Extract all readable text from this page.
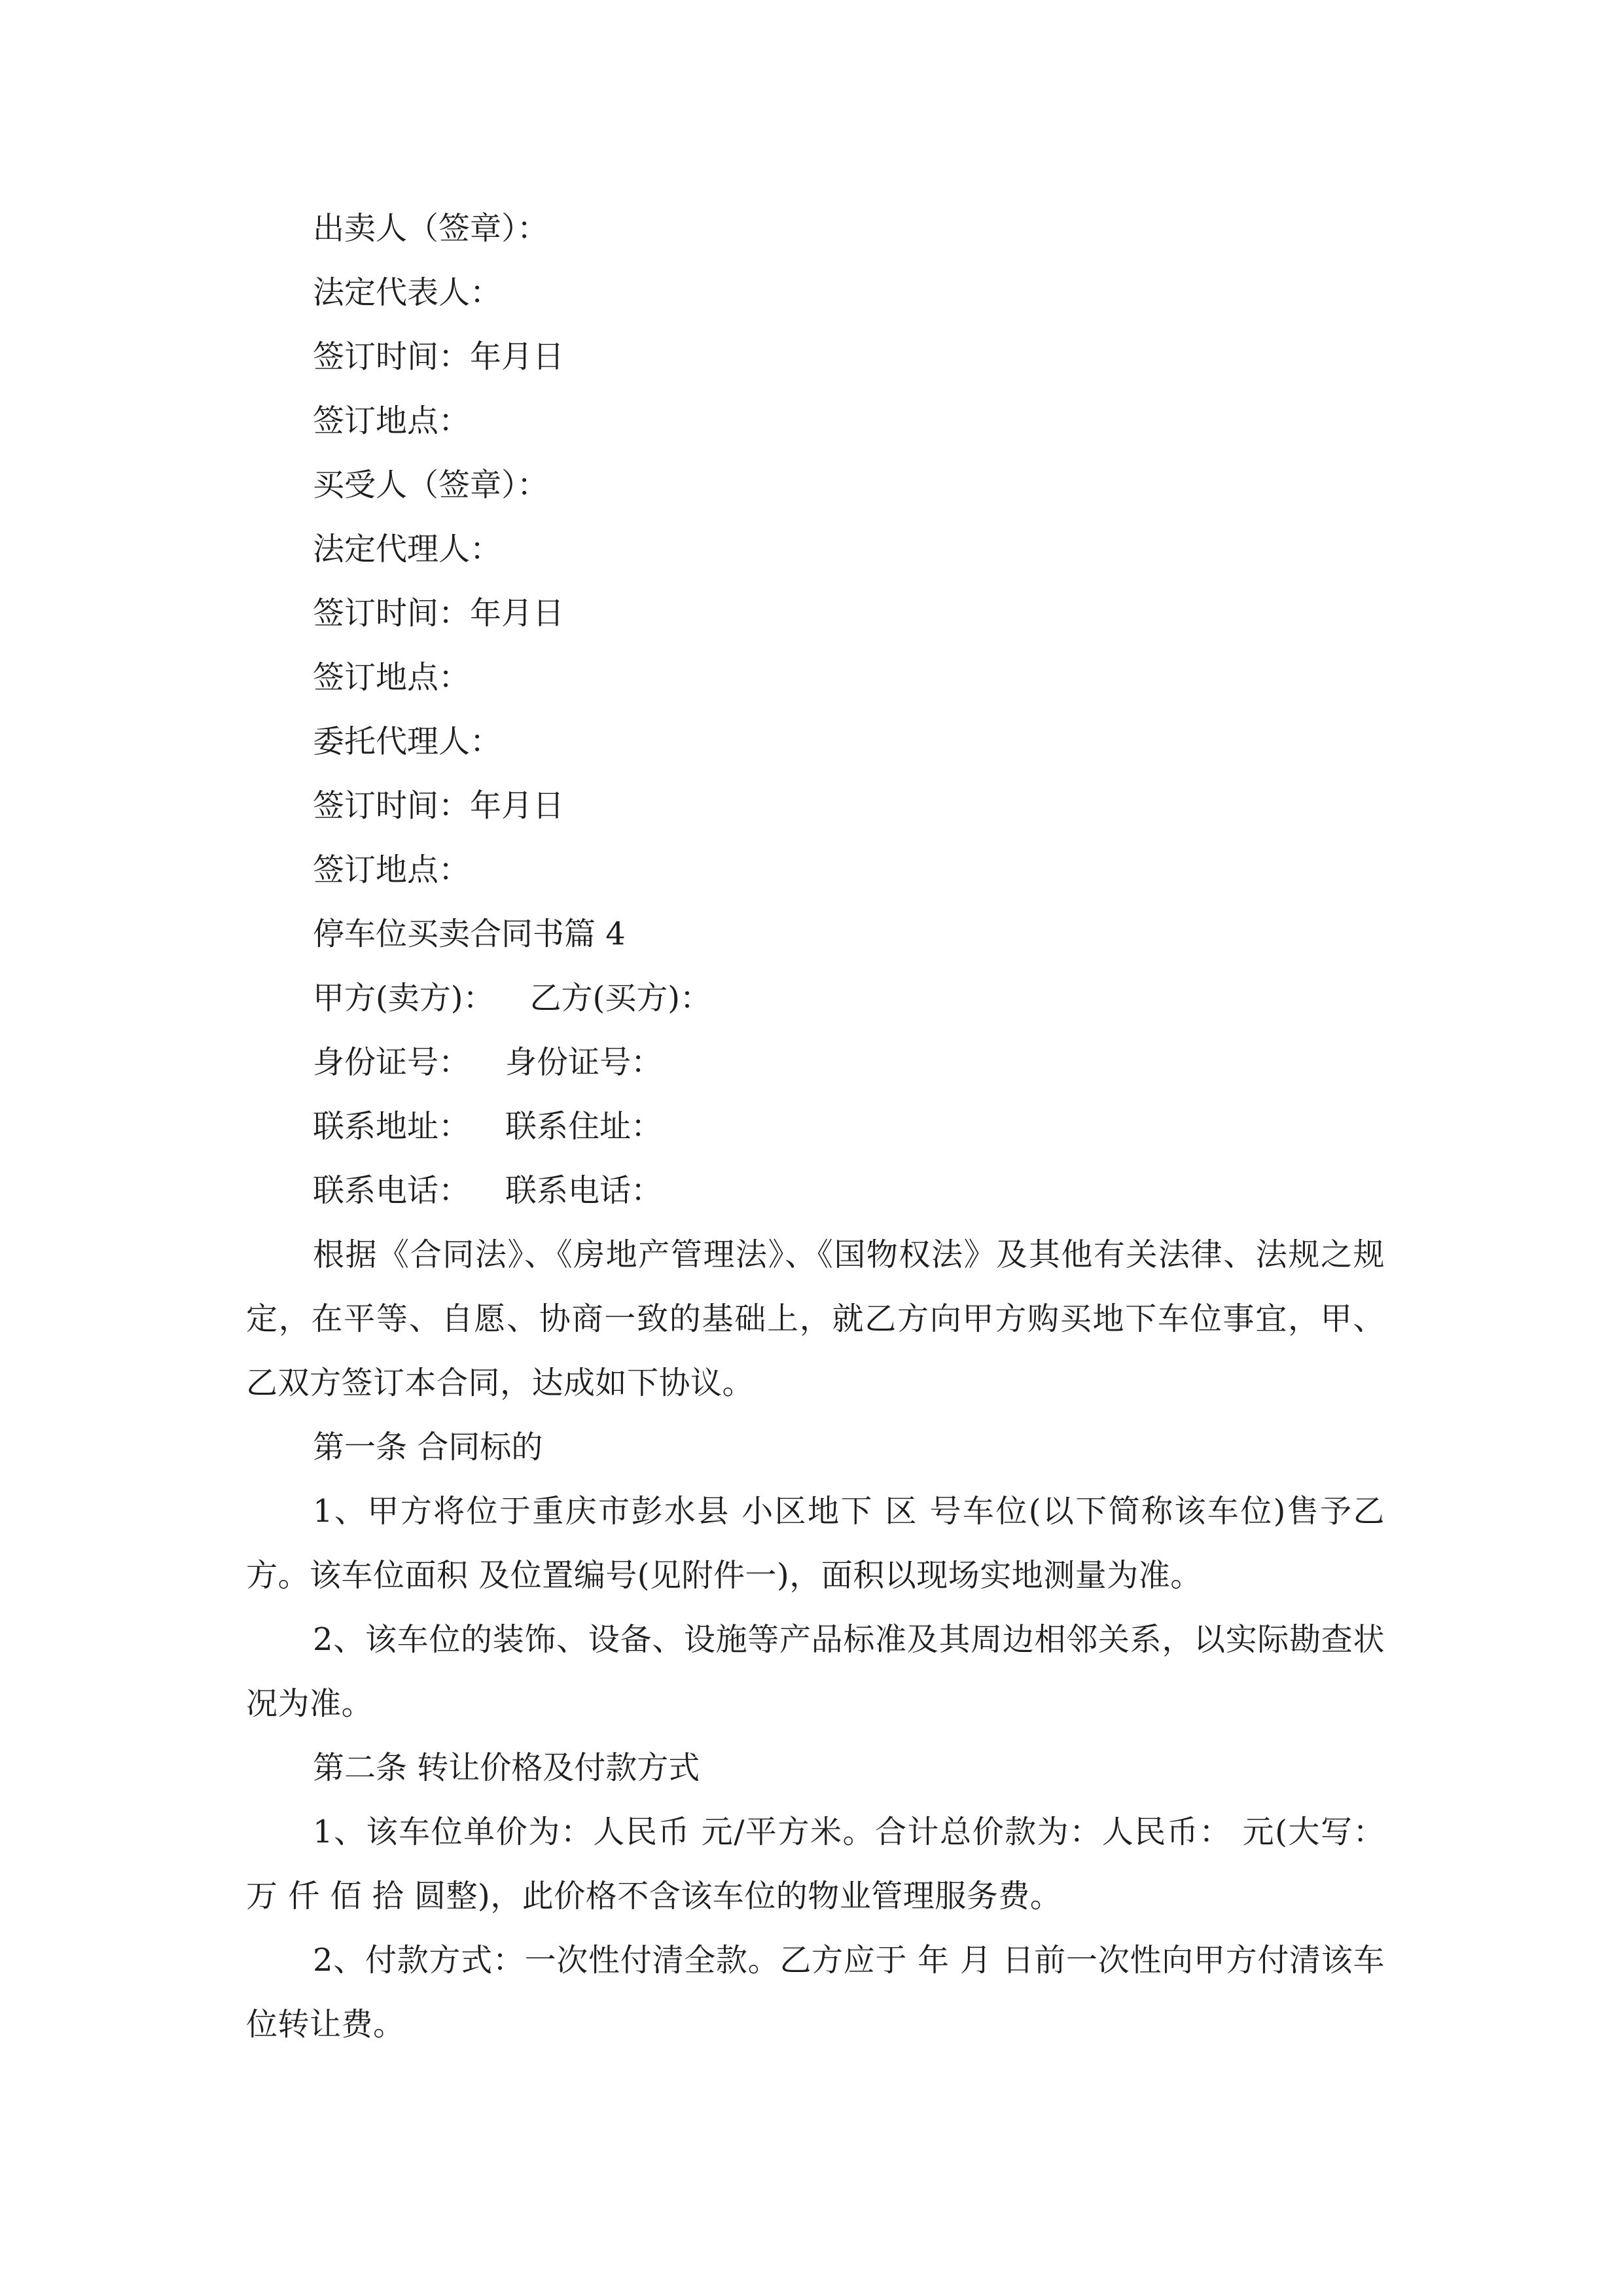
出卖人（签章）：
法定代表人：
签订时间：年月日
签订地点：
买受人（签章）：
法定代理人：
签订时间：年月日
签订地点：
委托代理人：
签订时间：年月日
签订地点：
停车位买卖合同书篇 4
甲方(卖方)： 乙方(买方)：
身份证号： 身份证号：
联系地址： 联系住址：
联系电话： 联系电话：
根据《合同法》、《房地产管理法》、《国物权法》及其他有关法律、法规之规定，在平等、自愿、协商一致的基础上，就乙方向甲方购买地下车位事宜，甲、乙双方签订本合同，达成如下协议。
第一条 合同标的
1、甲方将位于重庆市彭水县 小区地下 区 号车位(以下简称该车位)售予乙方。该车位面积 及位置编号(见附件一)，面积以现场实地测量为准。
2、该车位的装饰、设备、设施等产品标准及其周边相邻关系，以实际勘查状况为准。
第二条 转让价格及付款方式
1、该车位单价为：人民币 元/平方米。合计总价款为：人民币： 元(大写：万 仟 佰 拾 圆整)，此价格不含该车位的物业管理服务费。
2、付款方式：一次性付清全款。乙方应于 年 月 日前一次性向甲方付清该车位转让费。
